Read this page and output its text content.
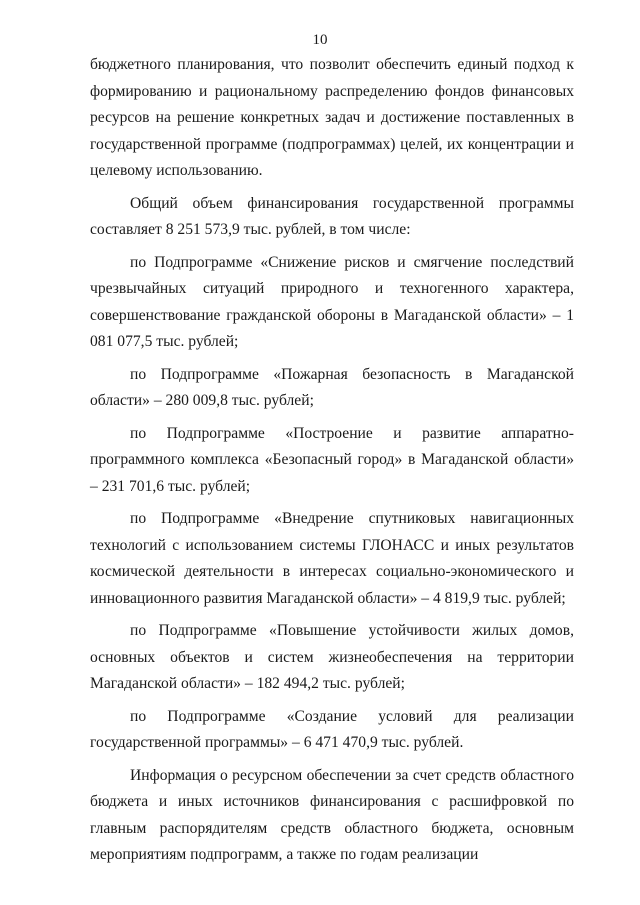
10

бюджетного планирования, что позволит обеспечить единый подход к формированию и рациональному распределению фондов финансовых ресурсов на решение конкретных задач и достижение поставленных в государственной программе (подпрограммах) целей, их концентрации и целевому использованию.

Общий объем финансирования государственной программы составляет 8 251 573,9 тыс. рублей, в том числе:

по Подпрограмме «Снижение рисков и смягчение последствий чрезвычайных ситуаций природного и техногенного характера, совершенствование гражданской обороны в Магаданской области» – 1 081 077,5 тыс. рублей;

по Подпрограмме «Пожарная безопасность в Магаданской области» – 280 009,8 тыс. рублей;

по Подпрограмме «Построение и развитие аппаратно-программного комплекса «Безопасный город» в Магаданской области» – 231 701,6 тыс. рублей;

по Подпрограмме «Внедрение спутниковых навигационных технологий с использованием системы ГЛОНАСС и иных результатов космической деятельности в интересах социально-экономического и инновационного развития Магаданской области» – 4 819,9 тыс. рублей;

по Подпрограмме «Повышение устойчивости жилых домов, основных объектов и систем жизнеобеспечения на территории Магаданской области» – 182 494,2 тыс. рублей;

по Подпрограмме «Создание условий для реализации государственной программы» – 6 471 470,9 тыс. рублей.

Информация о ресурсном обеспечении за счет средств областного бюджета и иных источников финансирования с расшифровкой по главным распорядителям средств областного бюджета, основным мероприятиям подпрограмм, а также по годам реализации
